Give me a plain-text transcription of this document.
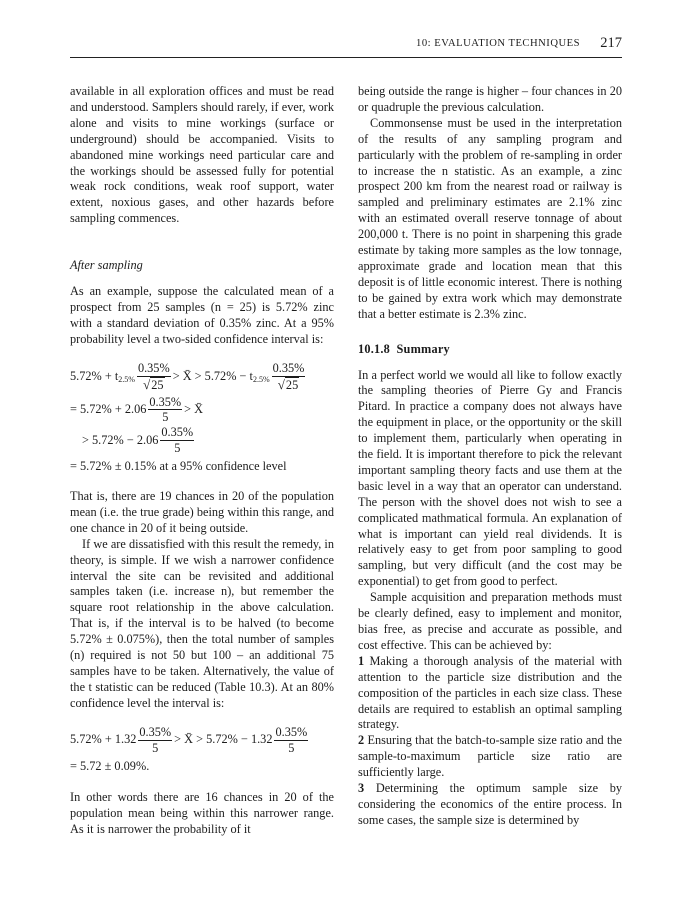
10: EVALUATION TECHNIQUES 217

available in all exploration offices and must be read and understood. Samplers should rarely, if ever, work alone and visits to mine workings (surface or underground) should be accompanied. Visits to abandoned mine workings need particular care and the workings should be assessed fully for potential weak rock conditions, weak roof support, water extent, noxious gases, and other hazards before sampling commences.

After sampling

As an example, suppose the calculated mean of a prospect from 25 samples (n = 25) is 5.72% zinc with a standard deviation of 0.35% zinc. At a 95% probability level a two-sided confidence interval is:

5.72% + t $2.5\% \frac{0.35\%}{√25}$ > X̄ > 5.72% − t $2.5\% \frac{0.35\%}{√25}$
= $5.72\% + 2.06 \frac{0.35\%}{5}$ > X̄
> $5.72\% - 2.06 \frac{0.35\%}{5}$

= 5.72% ± 0.15% at a 95% confidence level

That is, there are 19 chances in 20 of the population mean (i.e. the true grade) being within this range, and one chance in 20 of it being outside.

If we are dissatisfied with this result the remedy, in theory, is simple. If we wish a narrower confidence interval the site can be revisited and additional samples taken (i.e. increase n), but remember the square root relationship in the above calculation. That is, if the interval is to be halved (to become 5.72% ± 0.075%), then the total number of samples (n) required is not 50 but 100 – an additional 75 samples have to be taken. Alternatively, the value of the t statistic can be reduced (Table 10.3). At an 80% confidence level the interval is:

$5.72\% + 1.32 \frac{0.35\%}{5}$ > X̄ > $5.72\% - 1.32 \frac{0.35\%}{5}$

= 5.72 ± 0.09%.

In other words there are 16 chances in 20 of the population mean being within this narrower range. As it is narrower the probability of it

being outside the range is higher – four chances in 20 or quadruple the previous calculation.

Commonsense must be used in the interpretation of the results of any sampling program and particularly with the problem of re-sampling in order to increase the n statistic. As an example, a zinc prospect 200 km from the nearest road or railway is sampled and preliminary estimates are 2.1% zinc with an estimated overall reserve tonnage of about 200,000 t. There is no point in sharpening this grade estimate by taking more samples as the low tonnage, approximate grade and location mean that this deposit is of little economic interest. There is nothing to be gained by extra work which may demonstrate that a better estimate is 2.3% zinc.

10.1.8 Summary

In a perfect world we would all like to follow exactly the sampling theories of Pierre Gy and Francis Pitard. In practice a company does not always have the equipment in place, or the opportunity or the skill to implement them, particularly when operating in the field. It is important therefore to pick the relevant important sampling theory facts and use them at the basic level in a way that an operator can understand. The person with the shovel does not wish to see a complicated mathmatical formula. An explanation of what is important can yield real dividends. It is relatively easy to get from poor sampling to good sampling, but very difficult (and the cost may be exponential) to get from good to perfect.

Sample acquisition and preparation methods must be clearly defined, easy to implement and monitor, bias free, as precise and accurate as possible, and cost effective. This can be achieved by:

1 Making a thorough analysis of the material with attention to the particle size distribution and the composition of the particles in each size class. These details are required to establish an optimal sampling strategy.

2 Ensuring that the batch-to-sample size ratio and the sample-to-maximum particle size ratio are sufficiently large.

3 Determining the optimum sample size by considering the economics of the entire process. In some cases, the sample size is determined by
